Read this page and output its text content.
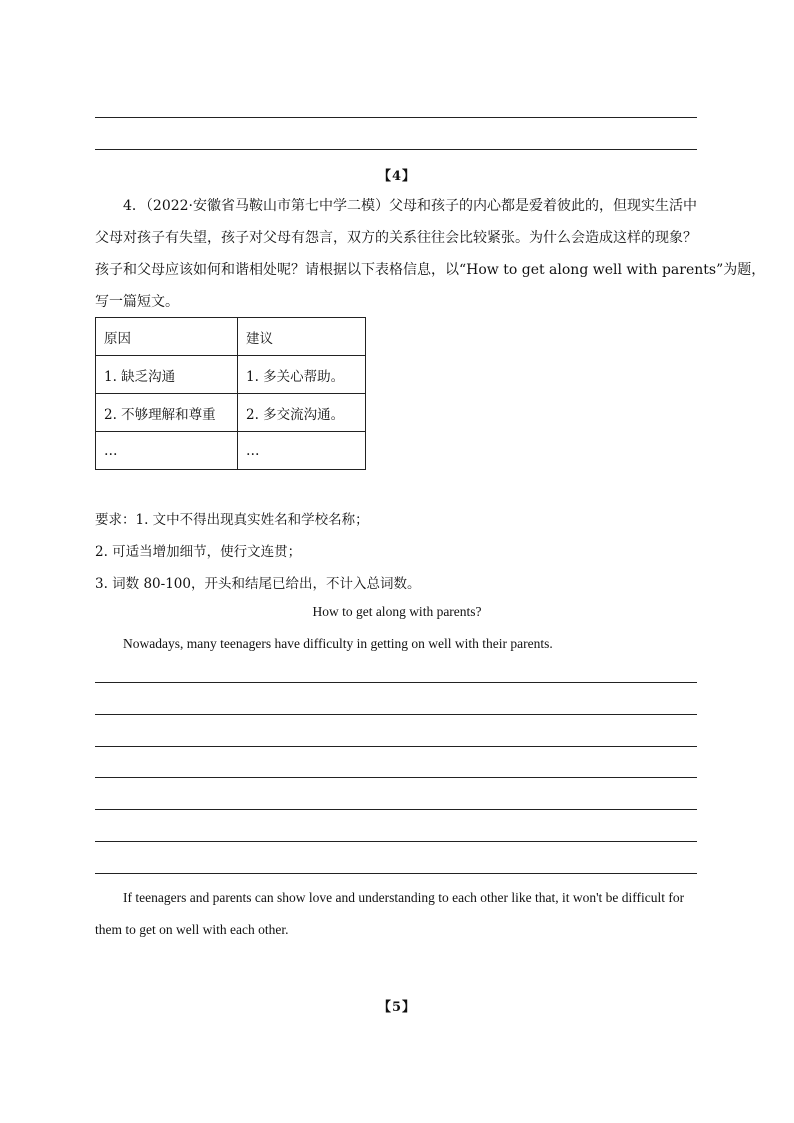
【4】
4．（2022·安徽省马鞍山市第七中学二模）父母和孩子的内心都是爱着彼此的，但现实生活中
父母对孩子有失望，孩子对父母有怨言，双方的关系往往会比较紧张。为什么会造成这样的现象？
孩子和父母应该如何和谐相处呢？请根据以下表格信息，以“How to get along well with parents”为题，
写一篇短文。
原因	建议
1. 缺乏沟通	1. 多关心帮助。
2. 不够理解和尊重	2. 多交流沟通。
…	…
要求：1. 文中不得出现真实姓名和学校名称；
2. 可适当增加细节，使行文连贯；
3. 词数 80-100，开头和结尾已给出，不计入总词数。
How to get along with parents?
Nowadays, many teenagers have difficulty in getting on well with their parents.
If teenagers and parents can show love and understanding to each other like that, it won't be difficult for
them to get on well with each other.
【5】
